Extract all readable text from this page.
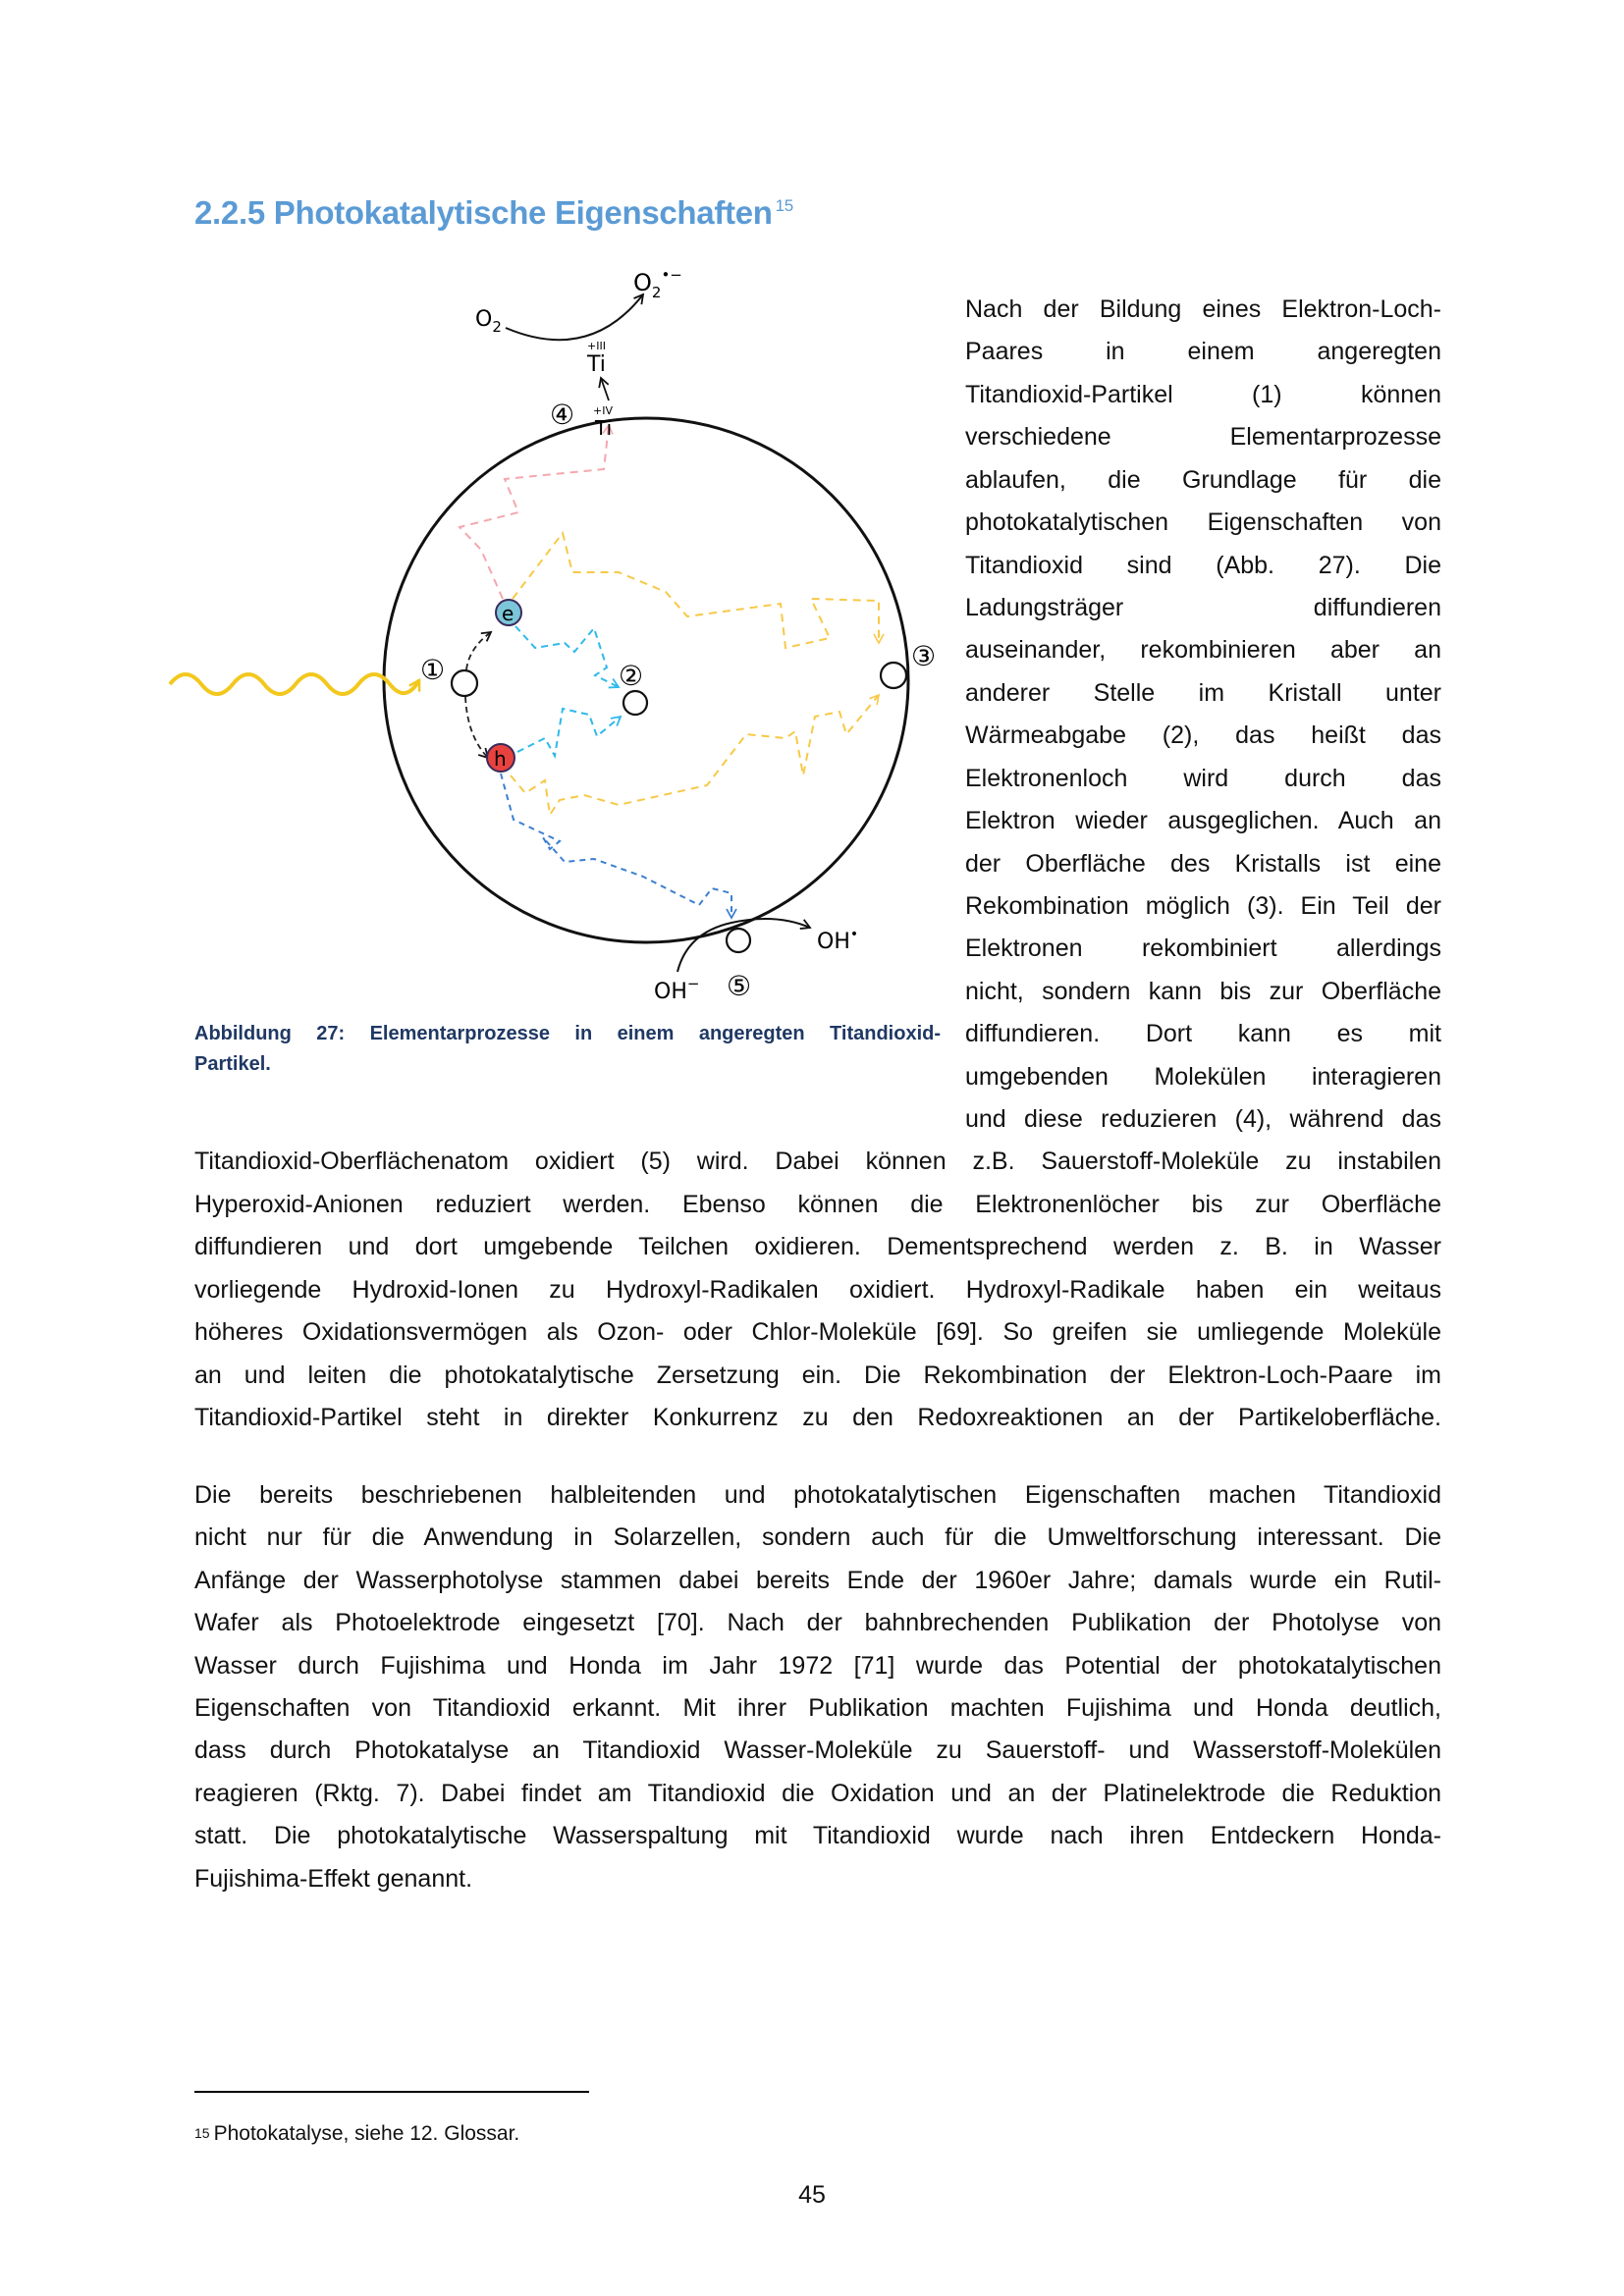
2.2.5 Photokatalytische Eigenschaften $^{15}$
①
e
h
②
③
④ +IV
Ti
+III
Ti
$O_2$
$O_2^{•-}$
OH•
OH− ⑤
Abbildung 27: Elementarprozesse in einem angeregten Titandioxid-
Partikel.
Nach der Bildung eines Elektron-Loch-
Paares in einem angeregten
Titandioxid-Partikel (1) können
verschiedene Elementarprozesse
ablaufen, die Grundlage für die
photokatalytischen Eigenschaften von
Titandioxid sind (Abb. 27). Die
Ladungsträger diffundieren
auseinander, rekombinieren aber an
anderer Stelle im Kristall unter
Wärmeabgabe (2), das heißt das
Elektronenloch wird durch das
Elektron wieder ausgeglichen. Auch an
der Oberfläche des Kristalls ist eine
Rekombination möglich (3). Ein Teil der
Elektronen rekombiniert allerdings
nicht, sondern kann bis zur Oberfläche
diffundieren. Dort kann es mit
umgebenden Molekülen interagieren
und diese reduzieren (4), während das
Titandioxid-Oberflächenatom oxidiert (5) wird. Dabei können z.B. Sauerstoff-Moleküle zu instabilen
Hyperoxid-Anionen reduziert werden. Ebenso können die Elektronenlöcher bis zur Oberfläche
diffundieren und dort umgebende Teilchen oxidieren. Dementsprechend werden z. B. in Wasser
vorliegende Hydroxid-Ionen zu Hydroxyl-Radikalen oxidiert. Hydroxyl-Radikale haben ein weitaus
höheres Oxidationsvermögen als Ozon- oder Chlor-Moleküle [69]. So greifen sie umliegende Moleküle
an und leiten die photokatalytische Zersetzung ein. Die Rekombination der Elektron-Loch-Paare im
Titandioxid-Partikel steht in direkter Konkurrenz zu den Redoxreaktionen an der Partikeloberfläche.
Die bereits beschriebenen halbleitenden und photokatalytischen Eigenschaften machen Titandioxid
nicht nur für die Anwendung in Solarzellen, sondern auch für die Umweltforschung interessant. Die
Anfänge der Wasserphotolyse stammen dabei bereits Ende der 1960er Jahre; damals wurde ein Rutil-
Wafer als Photoelektrode eingesetzt [70]. Nach der bahnbrechenden Publikation der Photolyse von
Wasser durch Fujishima und Honda im Jahr 1972 [71] wurde das Potential der photokatalytischen
Eigenschaften von Titandioxid erkannt. Mit ihrer Publikation machten Fujishima und Honda deutlich,
dass durch Photokatalyse an Titandioxid Wasser-Moleküle zu Sauerstoff- und Wasserstoff-Molekülen
reagieren (Rktg. 7). Dabei findet am Titandioxid die Oxidation und an der Platinelektrode die Reduktion
statt. Die photokatalytische Wasserspaltung mit Titandioxid wurde nach ihren Entdeckern Honda-
Fujishima-Effekt genannt.
$^{15}$ Photokatalyse, siehe 12. Glossar.
45
